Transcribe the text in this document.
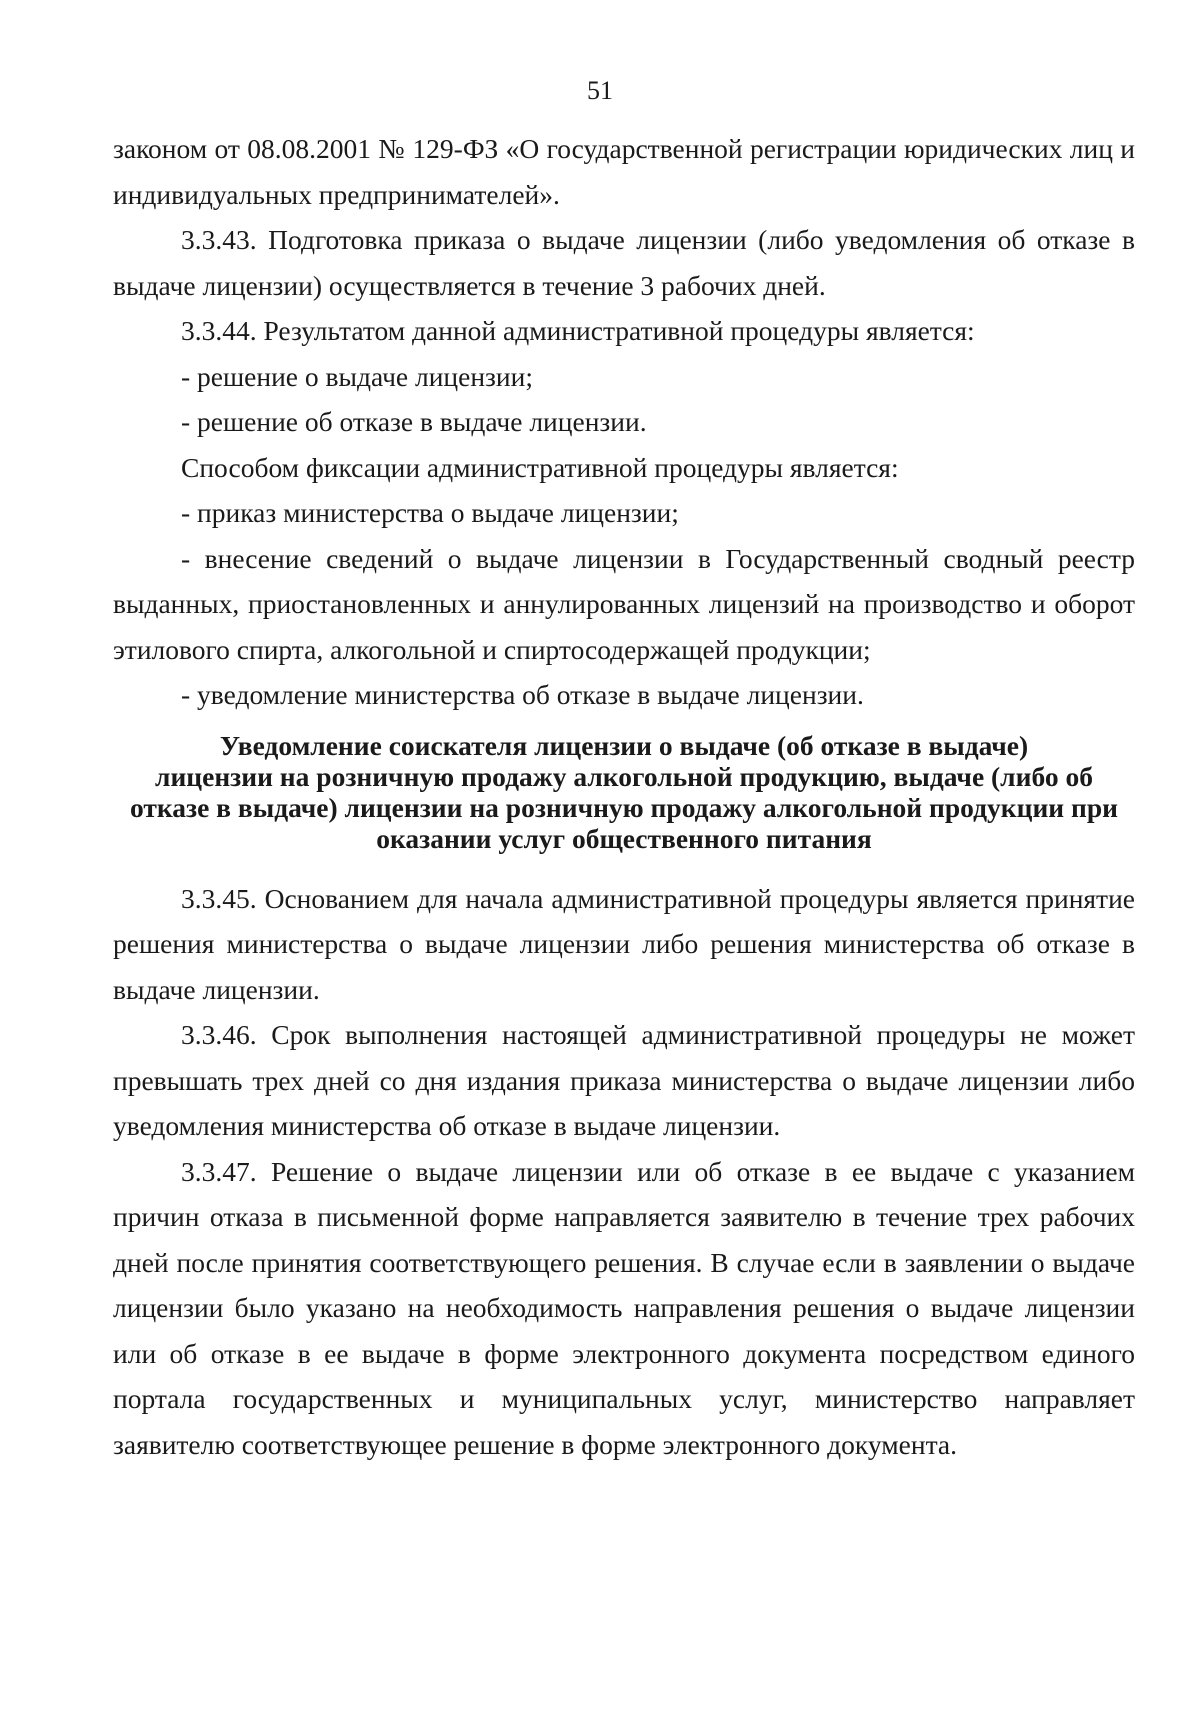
51

законом от 08.08.2001 № 129-ФЗ «О государственной регистрации юридических лиц и индивидуальных предпринимателей».

3.3.43. Подготовка приказа о выдаче лицензии (либо уведомления об отказе в выдаче лицензии) осуществляется в течение 3 рабочих дней.

3.3.44. Результатом данной административной процедуры является:

- решение о выдаче лицензии;

- решение об отказе в выдаче лицензии.

Способом фиксации административной процедуры является:

- приказ министерства о выдаче лицензии;

- внесение сведений о выдаче лицензии в Государственный сводный реестр выданных, приостановленных и аннулированных лицензий на производство и оборот этилового спирта, алкогольной и спиртосодержащей продукции;

- уведомление министерства об отказе в выдаче лицензии.

Уведомление соискателя лицензии о выдаче (об отказе в выдаче)
лицензии на розничную продажу алкогольной продукцию, выдаче (либо об
отказе в выдаче) лицензии на розничную продажу алкогольной продукции при
оказании услуг общественного питания

3.3.45. Основанием для начала административной процедуры является принятие решения министерства о выдаче лицензии либо решения министерства об отказе в выдаче лицензии.

3.3.46. Срок выполнения настоящей административной процедуры не может превышать трех дней со дня издания приказа министерства о выдаче лицензии либо уведомления министерства об отказе в выдаче лицензии.

3.3.47. Решение о выдаче лицензии или об отказе в ее выдаче с указанием причин отказа в письменной форме направляется заявителю в течение трех рабочих дней после принятия соответствующего решения. В случае если в заявлении о выдаче лицензии было указано на необходимость направления решения о выдаче лицензии или об отказе в ее выдаче в форме электронного документа посредством единого портала государственных и муниципальных услуг, министерство направляет заявителю соответствующее решение в форме электронного документа.
